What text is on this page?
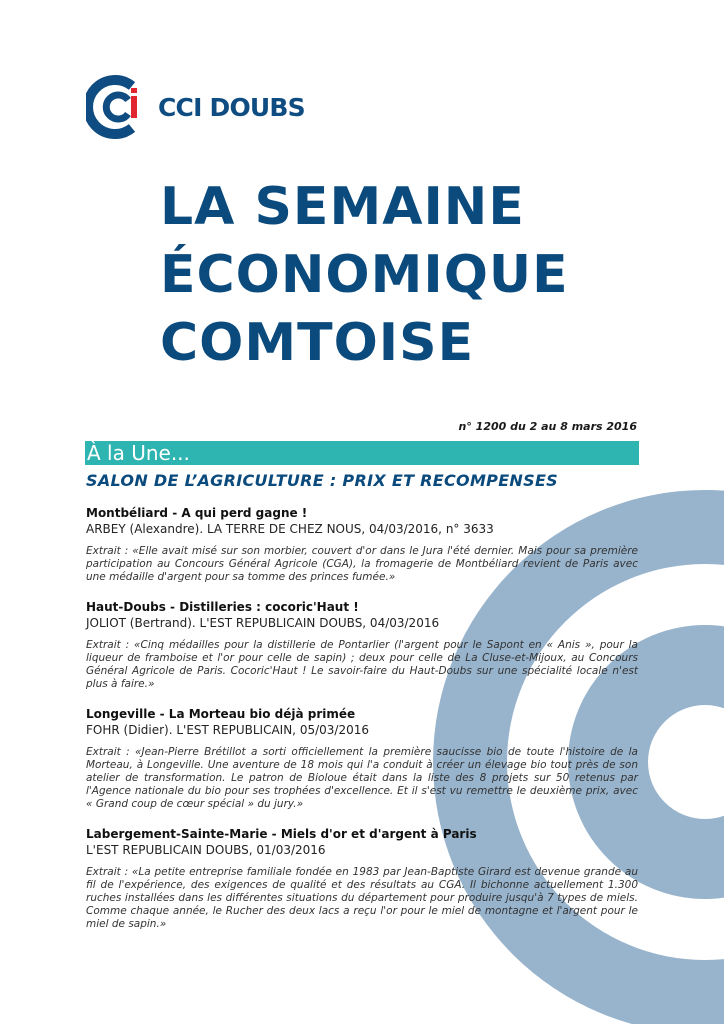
CCI DOUBS
LA SEMAINE
ÉCONOMIQUE
COMTOISE
n° 1200 du 2 au 8 mars 2016
À la Une...
SALON DE L’AGRICULTURE : PRIX ET RECOMPENSES
Montbéliard - A qui perd gagne !
ARBEY (Alexandre). LA TERRE DE CHEZ NOUS, 04/03/2016, n° 3633

Extrait : «Elle avait misé sur son morbier, couvert d'or dans le Jura l'été dernier. Mais pour sa première participation au Concours Général Agricole (CGA), la fromagerie de Montbéliard revient de Paris avec une médaille d'argent pour sa tomme des princes fumée.»

Haut-Doubs - Distilleries : cocoric'Haut !
JOLIOT (Bertrand). L'EST REPUBLICAIN DOUBS, 04/03/2016

Extrait : «Cinq médailles pour la distillerie de Pontarlier (l'argent pour le Sapont en « Anis », pour la liqueur de framboise et l'or pour celle de sapin) ; deux pour celle de La Cluse-et-Mijoux, au Concours Général Agricole de Paris. Cocoric'Haut ! Le savoir-faire du Haut-Doubs sur une spécialité locale n'est plus à faire.»

Longeville - La Morteau bio déjà primée
FOHR (Didier). L'EST REPUBLICAIN, 05/03/2016

Extrait : «Jean-Pierre Brétillot a sorti officiellement la première saucisse bio de toute l'histoire de la Morteau, à Longeville. Une aventure de 18 mois qui l'a conduit à créer un élevage bio tout près de son atelier de transformation. Le patron de Bioloue était dans la liste des 8 projets sur 50 retenus par l'Agence nationale du bio pour ses trophées d'excellence. Et il s'est vu remettre le deuxième prix, avec « Grand coup de cœur spécial » du jury.»

Labergement-Sainte-Marie - Miels d'or et d'argent à Paris
L'EST REPUBLICAIN DOUBS, 01/03/2016

Extrait : «La petite entreprise familiale fondée en 1983 par Jean-Baptiste Girard est devenue grande au fil de l'expérience, des exigences de qualité et des résultats au CGA. Il bichonne actuellement 1.300 ruches installées dans les différentes situations du département pour produire jusqu'à 7 types de miels. Comme chaque année, le Rucher des deux lacs a reçu l'or pour le miel de montagne et l'argent pour le miel de sapin.»
